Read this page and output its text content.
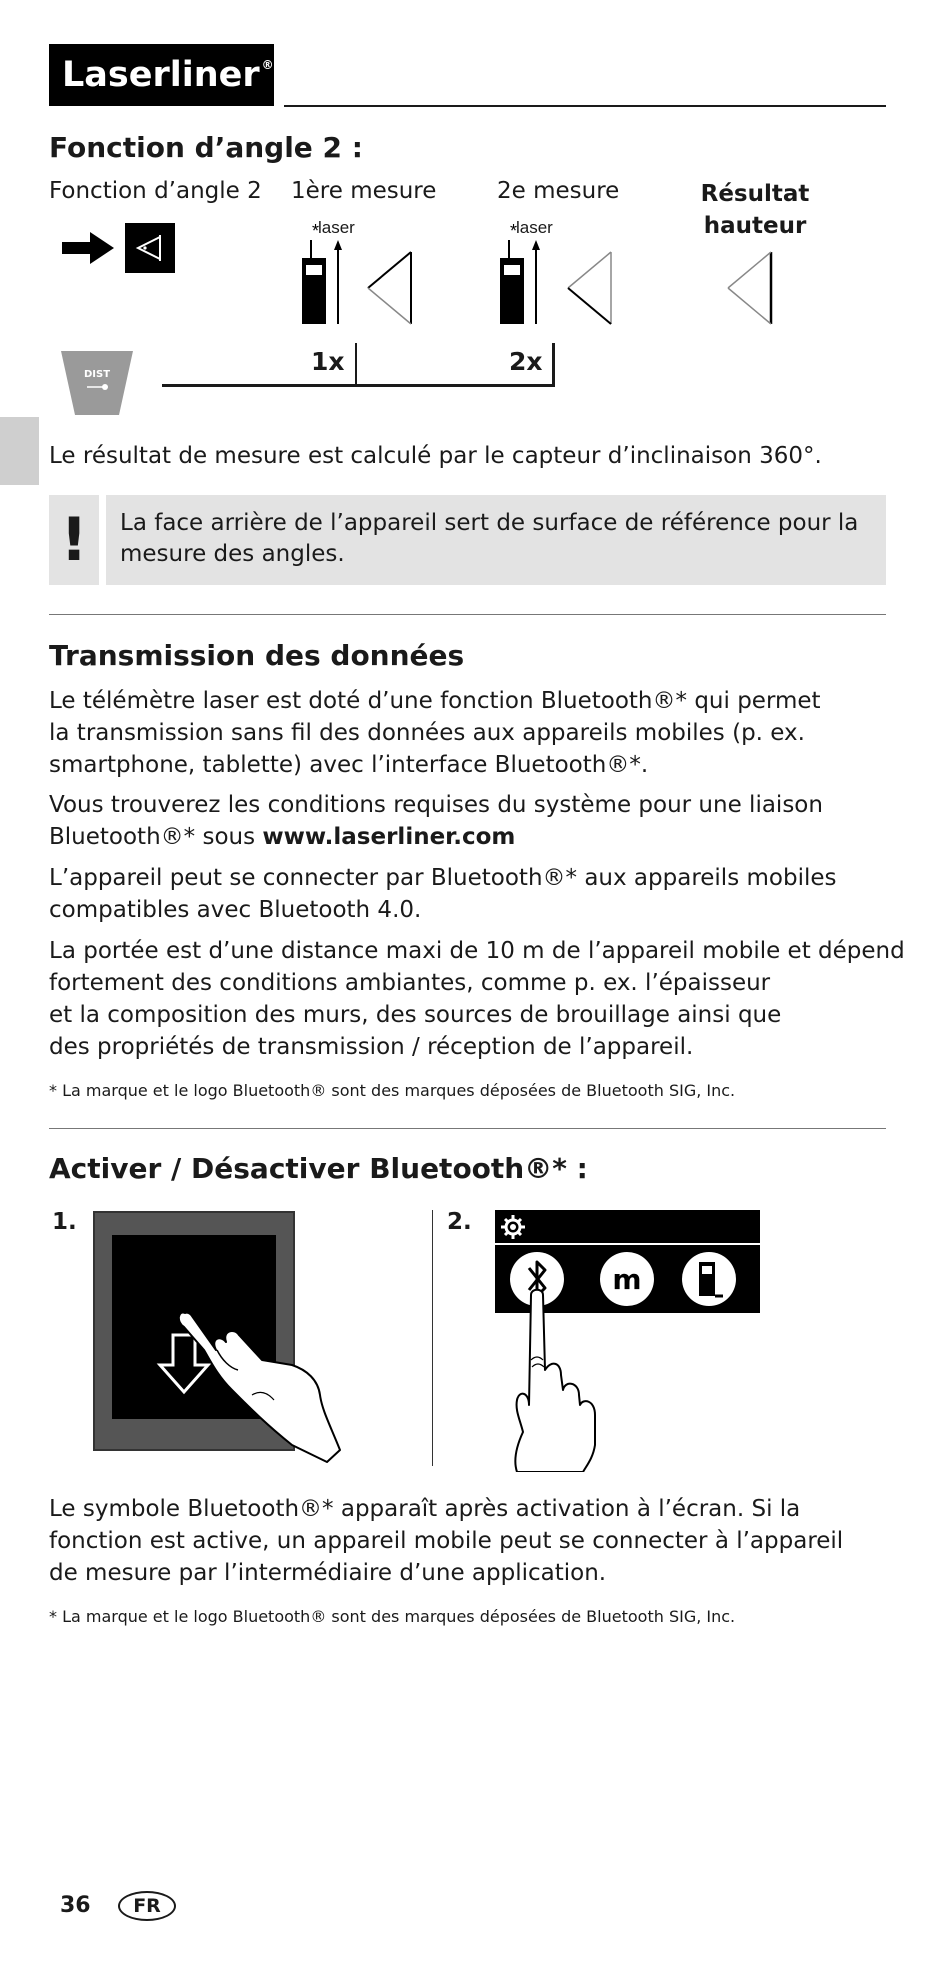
Laserliner®
Fonction d’angle 2 :
Fonction d’angle 2 1ère mesure	2e mesure	Résultat
hauteur
*
laser	*
laser
DIST	1x	2x
Le résultat de mesure est calculé par le capteur d’inclinaison 360°.
!	La face arrière de l’appareil sert de surface de référence pour la
mesure des angles.
Transmission des données
Le télémètre laser est doté d’une fonction Bluetooth®* qui permet
la transmission sans fil des données aux appareils mobiles (p. ex.
smartphone, tablette) avec l’interface Bluetooth®*.
Vous trouverez les conditions requises du système pour une liaison
Bluetooth®* sous www.laserliner.com
L’appareil peut se connecter par Bluetooth®* aux appareils mobiles
compatibles avec Bluetooth 4.0.
La portée est d’une distance maxi de 10 m de l’appareil mobile et dépend
fortement des conditions ambiantes, comme p. ex. l’épaisseur
et la composition des murs, des sources de brouillage ainsi que
des propriétés de transmission / réception de l’appareil.
* La marque et le logo Bluetooth® sont des marques déposées de Bluetooth SIG, Inc.
Activer / Désactiver Bluetooth®* :
1.	2.
m
Le symbole Bluetooth®* apparaît après activation à l’écran. Si la
fonction est active, un appareil mobile peut se connecter à l’appareil
de mesure par l’intermédiaire d’une application.
* La marque et le logo Bluetooth® sont des marques déposées de Bluetooth SIG, Inc.
36	FR
